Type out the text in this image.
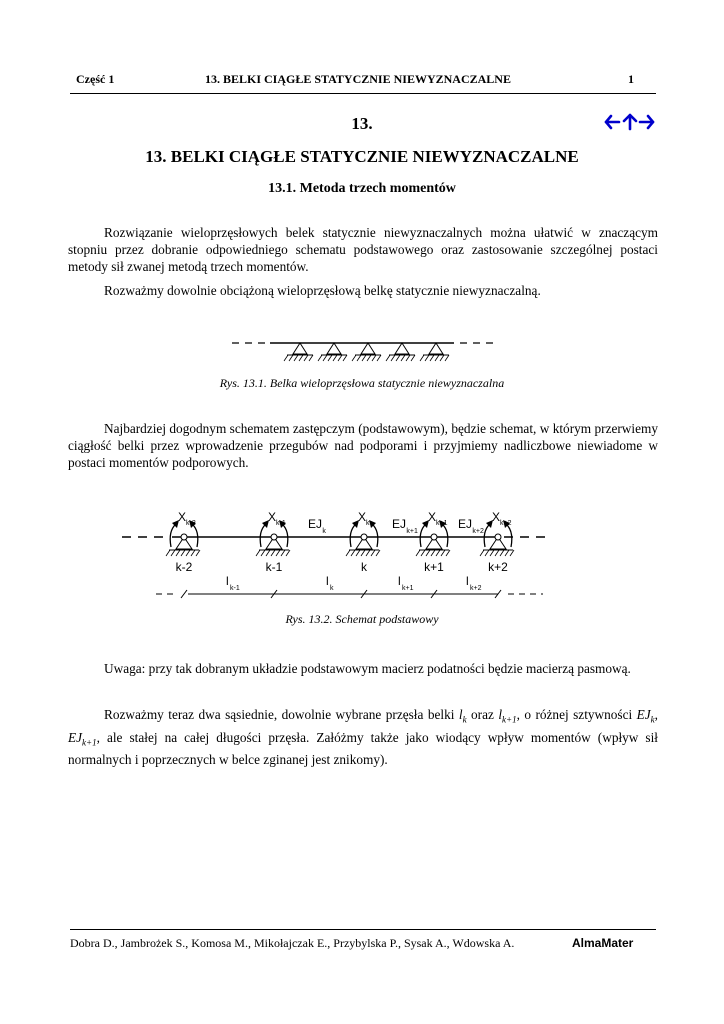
Część 1	13. BELKI CIĄGŁE STATYCZNIE NIEWYZNACZALNE	1
13.
13. BELKI CIĄGŁE STATYCZNIE NIEWYZNACZALNE
13.1. Metoda trzech momentów

Rozwiązanie wieloprzęsłowych belek statycznie niewyznaczalnych można ułatwić w znaczącym stopniu przez dobranie odpowiedniego schematu podstawowego oraz zastosowanie szczególnej postaci metody sił zwanej metodą trzech momentów.

Rozważmy dowolnie obciążoną wieloprzęsłową belkę statycznie niewyznaczalną.

Rys. 13.1. Belka wieloprzęsłowa statycznie niewyznaczalna

Najbardziej dogodnym schematem zastępczym (podstawowym), będzie schemat, w którym przerwiemy ciągłość belki przez wprowadzenie przegubów nad podporami i przyjmiemy nadliczbowe niewiadome w postaci momentów podporowych.

X k-2
k-2
X k-1
k-1
X k
k
X k+1
k+1
X k+2
k+2
EJ
k
EJ
k+1
EJ
k+2
l
k-1
l
k
l
k+1
l
k+2
Rys. 13.2. Schemat podstawowy

Uwaga: przy tak dobranym układzie podstawowym macierz podatności będzie macierzą pasmową.

Rozważmy teraz dwa sąsiednie, dowolnie wybrane przęsła belki $l_k$ oraz $l_{k+1}$, o różnej sztywności $EJ_k$, $EJ_{k+1}$, ale stałej na całej długości przęsła. Załóżmy także jako wiodący wpływ momentów (wpływ sił normalnych i poprzecznych w belce zginanej jest znikomy).

Dobra D., Jambrożek S., Komosa M., Mikołajczak E., Przybylska P., Sysak A., Wdowska A.	AlmaMater
